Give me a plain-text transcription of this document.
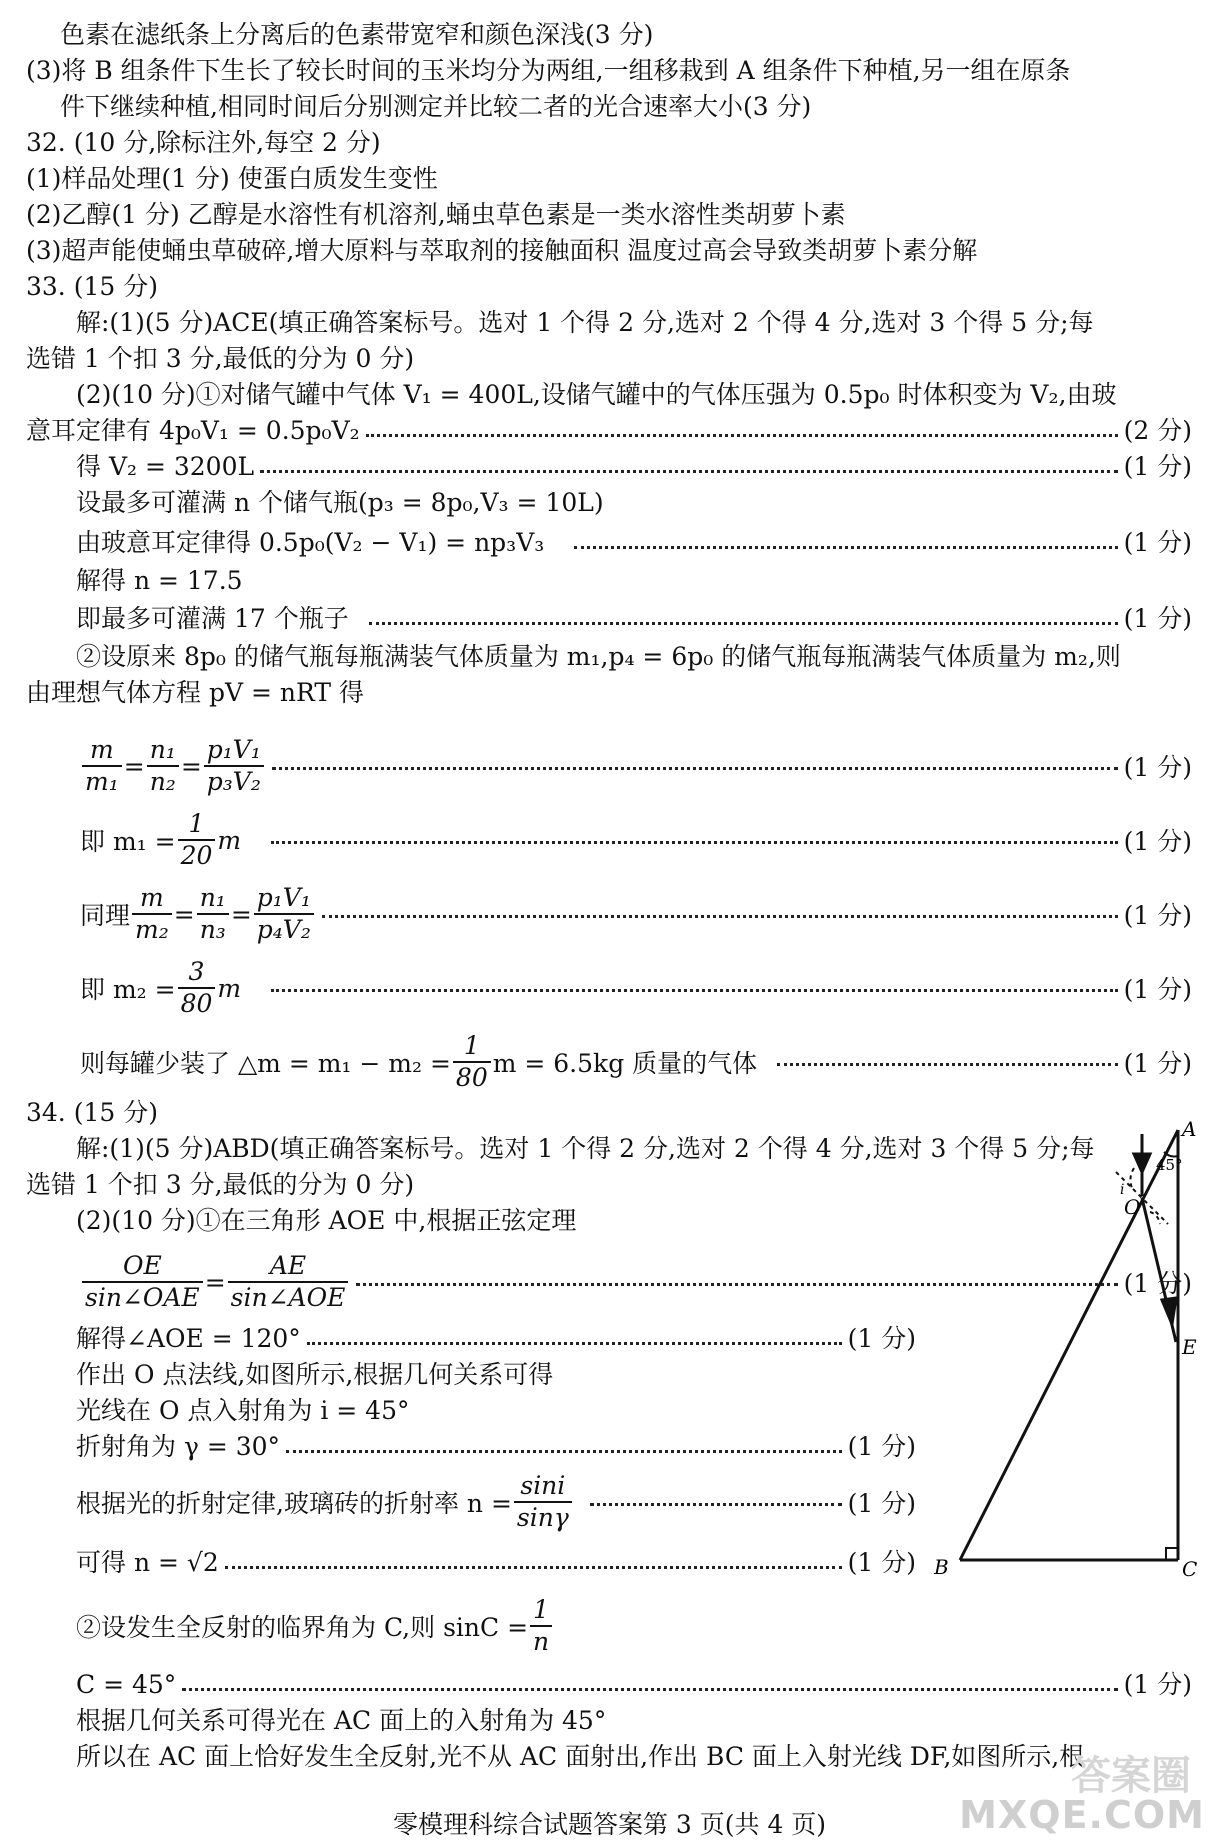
色素在滤纸条上分离后的色素带宽窄和颜色深浅(3 分)
(3)将 B 组条件下生长了较长时间的玉米均分为两组,一组移栽到 A 组条件下种植,另一组在原条
件下继续种植,相同时间后分别测定并比较二者的光合速率大小(3 分)
32. (10 分,除标注外,每空 2 分)
(1)样品处理(1 分) 使蛋白质发生变性
(2)乙醇(1 分) 乙醇是水溶性有机溶剂,蛹虫草色素是一类水溶性类胡萝卜素
(3)超声能使蛹虫草破碎,增大原料与萃取剂的接触面积 温度过高会导致类胡萝卜素分解
33. (15 分)
解:(1)(5 分)ACE(填正确答案标号。选对 1 个得 2 分,选对 2 个得 4 分,选对 3 个得 5 分;每
选错 1 个扣 3 分,最低的分为 0 分)
(2)(10 分)①对储气罐中气体 V₁ = 400L,设储气罐中的气体压强为 0.5p₀ 时体积变为 V₂,由玻
意耳定律有 4p₀V₁ = 0.5p₀V₂	(2 分)
得 V₂ = 3200L	(1 分)
设最多可灌满 n 个储气瓶(p₃ = 8p₀,V₃ = 10L)
由玻意耳定律得 0.5p₀(V₂ − V₁) = np₃V₃	(1 分)
解得 n = 17.5
即最多可灌满 17 个瓶子	(1 分)
②设原来 8p₀ 的储气瓶每瓶满装气体质量为 m₁,p₄ = 6p₀ 的储气瓶每瓶满装气体质量为 m₂,则
由理想气体方程 pV = nRT 得
$\frac{m}{\text{m₁}} = \frac{\text{n₁}}{\text{n₂}} = \frac{\text{p₁V₁}}{\text{p₃V₂}}$	(1 分)
即 $m_1 = \frac{1}{20}$ m	(1 分)
同理 $\frac{m}{\text{m₂}} = \frac{\text{n₁}}{\text{n₃}} = \frac{\text{p₁V₁}}{\text{p₄V₂}}$	(1 分)
即 $m_2 = \frac{3}{80}$ m	(1 分)
则每罐少装了 △m = $m_1 - m_2 = \frac{1}{80}$ m = 6.5kg 质量的气体	(1 分)
34. (15 分)
解:(1)(5 分)ABD(填正确答案标号。选对 1 个得 2 分,选对 2 个得 4 分,选对 3 个得 5 分;每
选错 1 个扣 3 分,最低的分为 0 分)
(2)(10 分)①在三角形 AOE 中,根据正弦定理
$\frac{OE}{\text{sin∠OAE}} = \frac{AE}{\text{sin∠AOE}}$	(1 分)
解得∠AOE = 120°	(1 分)
作出 O 点法线,如图所示,根据几何关系可得
光线在 O 点入射角为 i = 45°
折射角为 γ = 30°	(1 分)
根据光的折射定律,玻璃砖的折射率 $n = \frac{\sin i}{\sin\gamma}$	(1 分)
可得 n = √2	(1 分)
②设发生全反射的临界角为 C,则 $\sin C = \frac{1}{n}$
C = 45°	(1 分)
根据几何关系可得光在 AC 面上的入射角为 45°
所以在 AC 面上恰好发生全反射,光不从 AC 面射出,作出 BC 面上入射光线 DF,如图所示,根
A
45°
i
O
E
B	C
零模理科综合试题答案第 3 页(共 4 页)
答案圈
MXQE.COM
